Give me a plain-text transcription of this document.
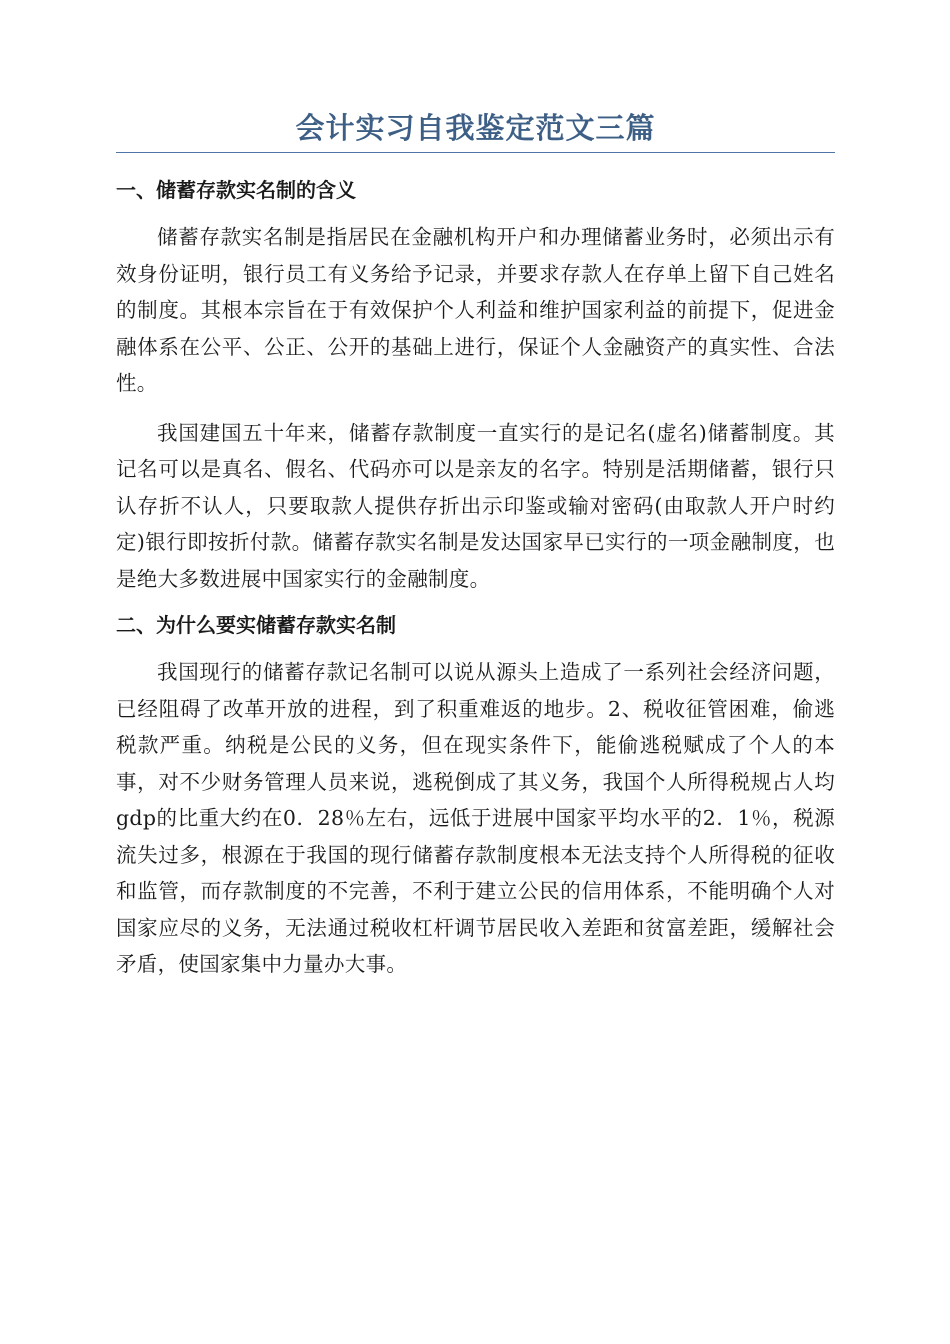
会计实习自我鉴定范文三篇
一、储蓄存款实名制的含义

储蓄存款实名制是指居民在金融机构开户和办理储蓄业务时，必须出示有效身份证明，银行员工有义务给予记录，并要求存款人在存单上留下自己姓名的制度。其根本宗旨在于有效保护个人利益和维护国家利益的前提下，促进金融体系在公平、公正、公开的基础上进行，保证个人金融资产的真实性、合法性。

我国建国五十年来，储蓄存款制度一直实行的是记名(虚名)储蓄制度。其记名可以是真名、假名、代码亦可以是亲友的名字。特别是活期储蓄，银行只认存折不认人，只要取款人提供存折出示印鉴或输对密码(由取款人开户时约定)银行即按折付款。储蓄存款实名制是发达国家早已实行的一项金融制度，也是绝大多数进展中国家实行的金融制度。

二、为什么要实储蓄存款实名制

我国现行的储蓄存款记名制可以说从源头上造成了一系列社会经济问题，已经阻碍了改革开放的进程，到了积重难返的地步。2、税收征管困难，偷逃税款严重。纳税是公民的义务，但在现实条件下，能偷逃税赋成了个人的本事，对不少财务管理人员来说，逃税倒成了其义务，我国个人所得税规占人均gdp的比重大约在0．28％左右，远低于进展中国家平均水平的2．1％，税源流失过多，根源在于我国的现行储蓄存款制度根本无法支持个人所得税的征收和监管，而存款制度的不完善，不利于建立公民的信用体系，不能明确个人对国家应尽的义务，无法通过税收杠杆调节居民收入差距和贫富差距，缓解社会矛盾，使国家集中力量办大事。
